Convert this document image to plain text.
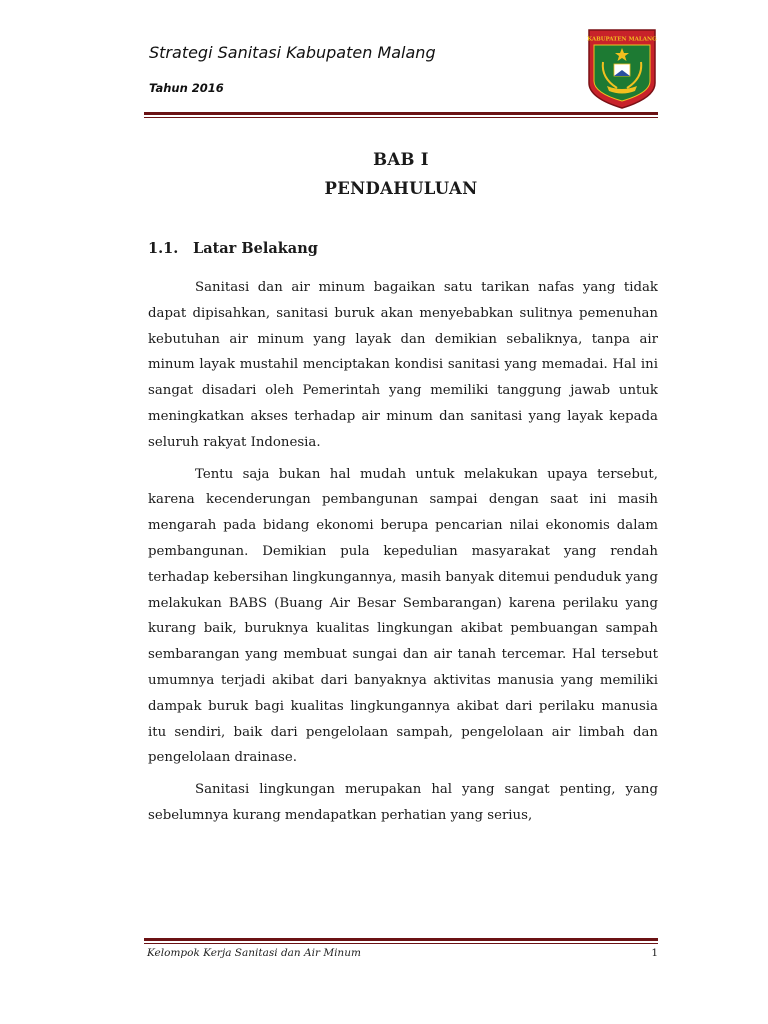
Strategi Sanitasi Kabupaten Malang
Tahun 2016
KABUPATEN MALANG
BAB I
PENDAHULUAN
1.1. Latar Belakang

Sanitasi dan air minum bagaikan satu tarikan nafas yang tidak dapat dipisahkan, sanitasi buruk akan menyebabkan sulitnya pemenuhan kebutuhan air minum yang layak dan demikian sebaliknya, tanpa air minum layak mustahil menciptakan kondisi sanitasi yang memadai. Hal ini sangat disadari oleh Pemerintah yang memiliki tanggung jawab untuk meningkatkan akses terhadap air minum dan sanitasi yang layak kepada seluruh rakyat Indonesia.

Tentu saja bukan hal mudah untuk melakukan upaya tersebut, karena kecenderungan pembangunan sampai dengan saat ini masih mengarah pada bidang ekonomi berupa pencarian nilai ekonomis dalam pembangunan. Demikian pula kepedulian masyarakat yang rendah terhadap kebersihan lingkungannya, masih banyak ditemui penduduk yang melakukan BABS (Buang Air Besar Sembarangan) karena perilaku yang kurang baik, buruknya kualitas lingkungan akibat pembuangan sampah sembarangan yang membuat sungai dan air tanah tercemar. Hal tersebut umumnya terjadi akibat dari banyaknya aktivitas manusia yang memiliki dampak buruk bagi kualitas lingkungannya akibat dari perilaku manusia itu sendiri, baik dari pengelolaan sampah, pengelolaan air limbah dan pengelolaan drainase.

Sanitasi lingkungan merupakan hal yang sangat penting, yang sebelumnya kurang mendapatkan perhatian yang serius,

Kelompok Kerja Sanitasi dan Air Minum	1
